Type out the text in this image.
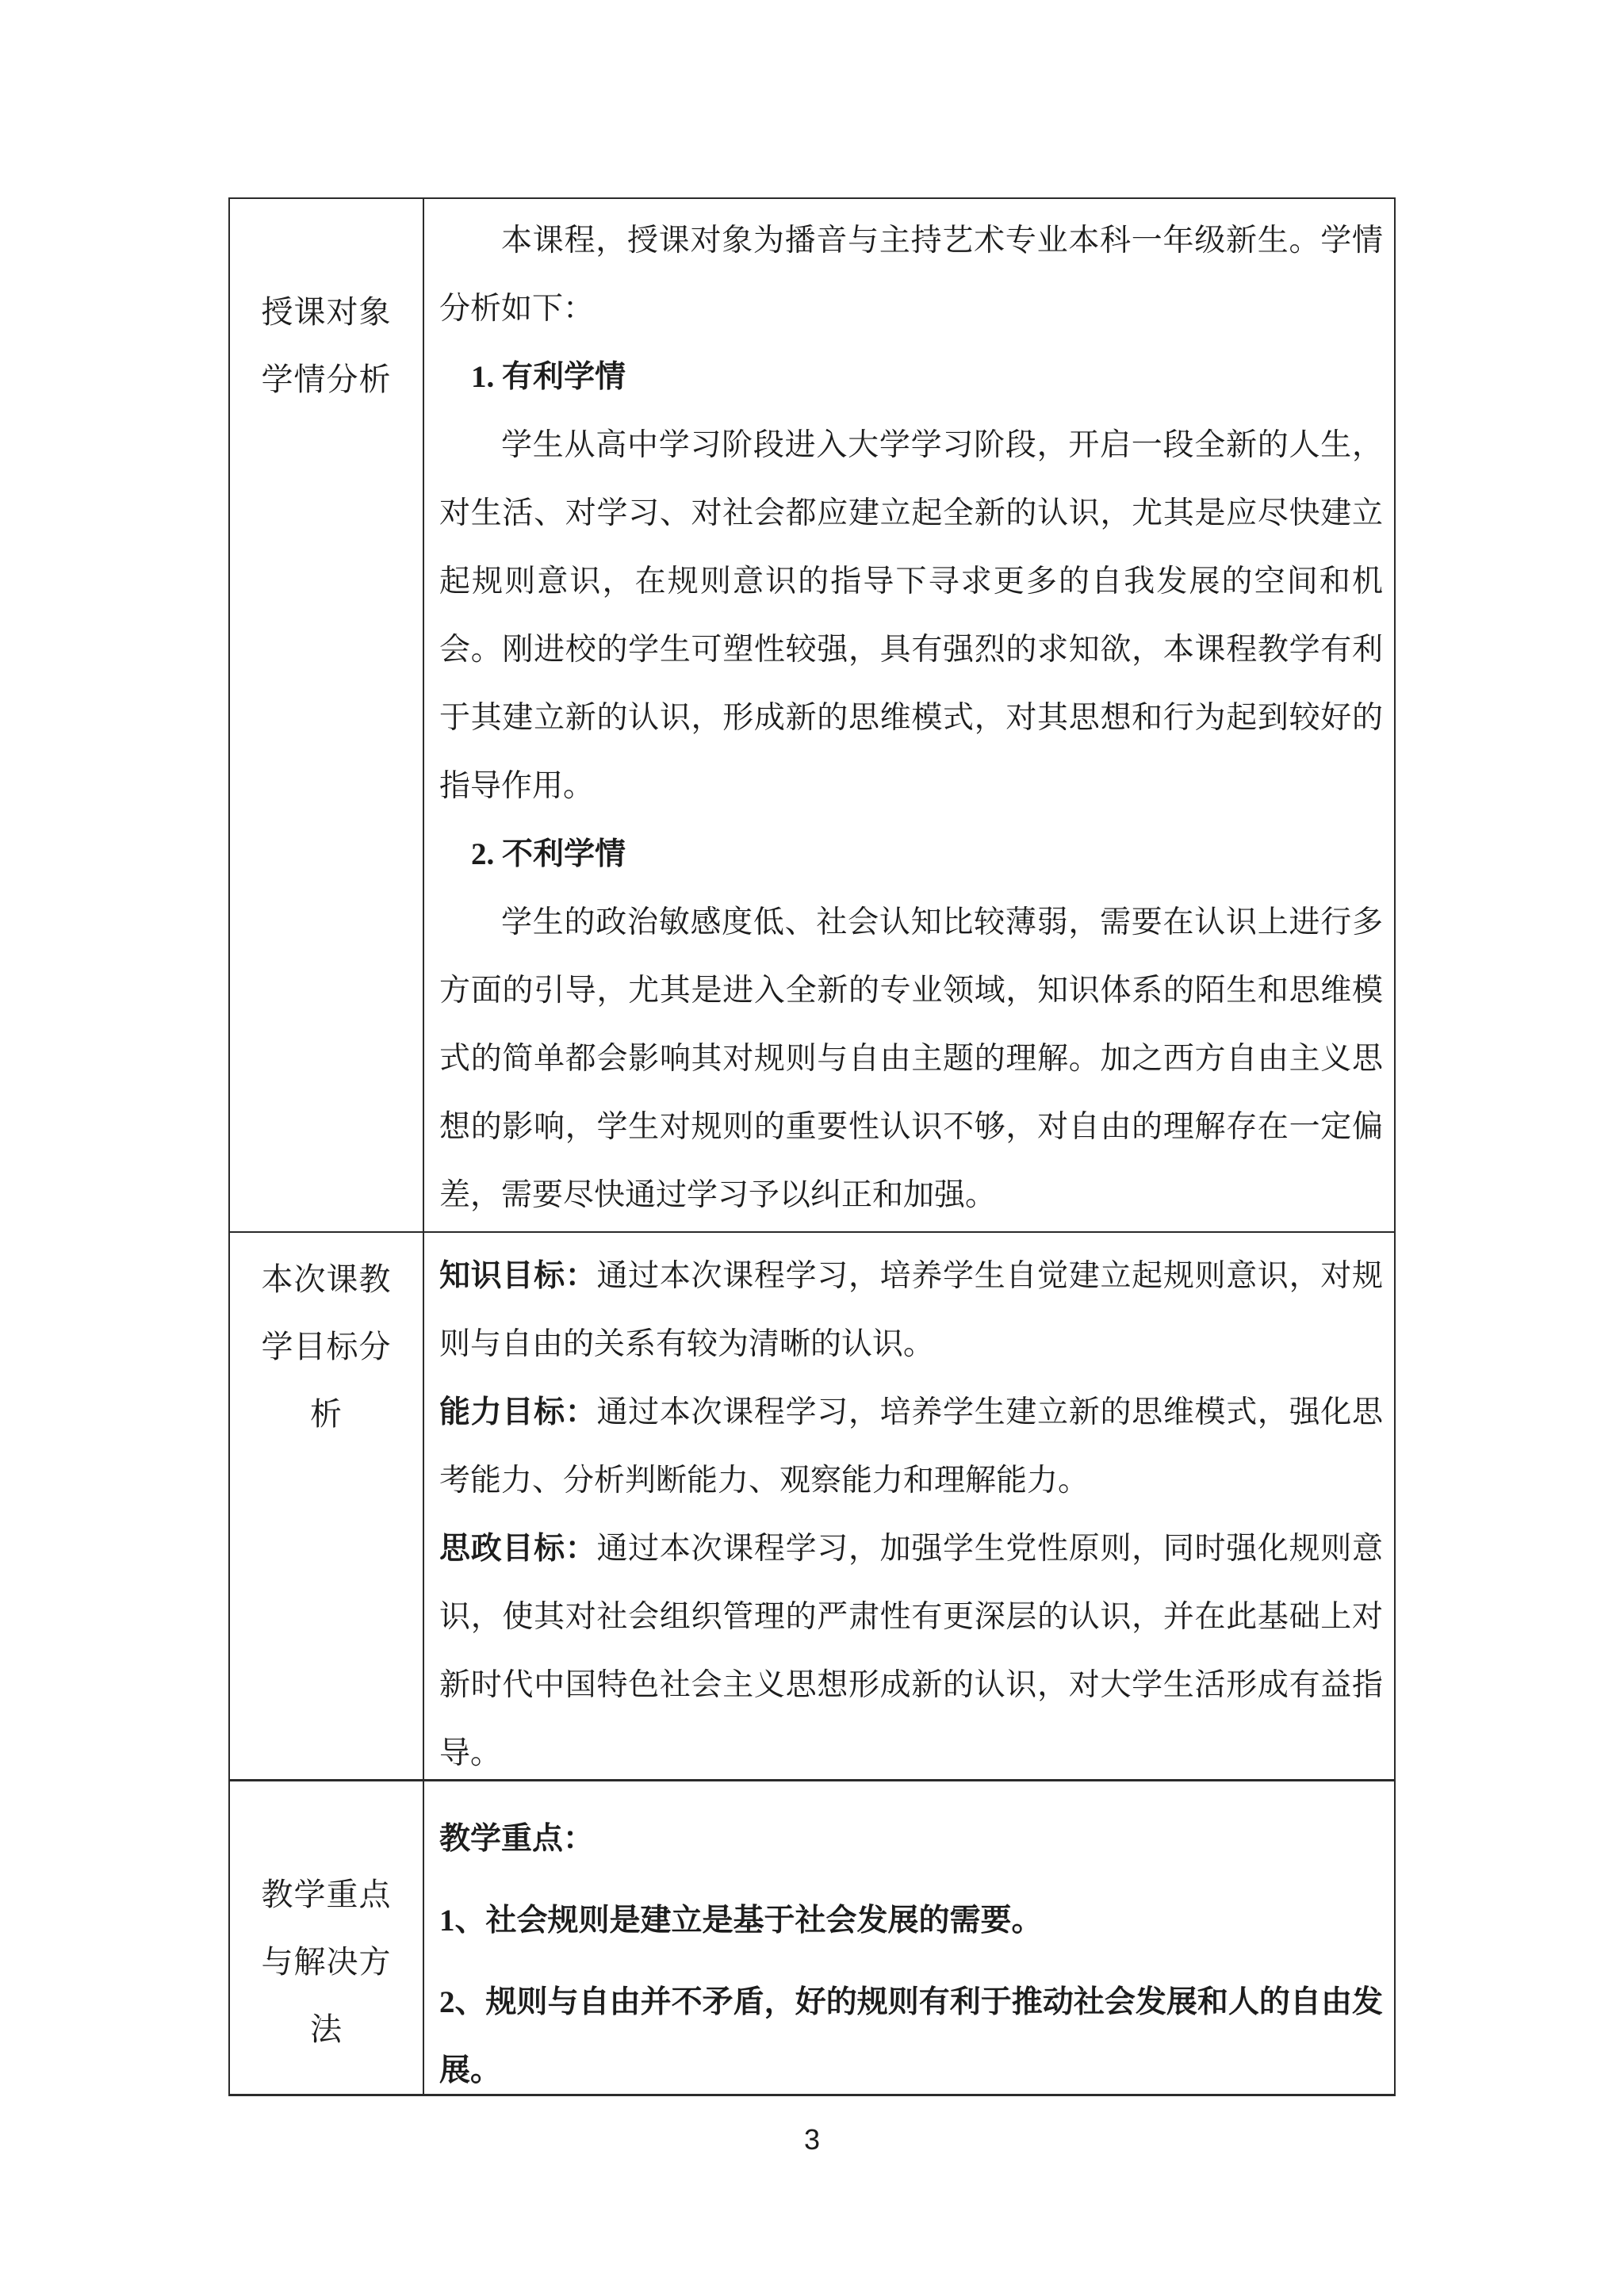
授课对象
学情分析

本课程，授课对象为播音与主持艺术专业本科一年级新生。学情分析如下：

1. 有利学情

学生从高中学习阶段进入大学学习阶段，开启一段全新的人生，对生活、对学习、对社会都应建立起全新的认识，尤其是应尽快建立起规则意识，在规则意识的指导下寻求更多的自我发展的空间和机会。刚进校的学生可塑性较强，具有强烈的求知欲，本课程教学有利于其建立新的认识，形成新的思维模式，对其思想和行为起到较好的指导作用。

2. 不利学情

学生的政治敏感度低、社会认知比较薄弱，需要在认识上进行多方面的引导，尤其是进入全新的专业领域，知识体系的陌生和思维模式的简单都会影响其对规则与自由主题的理解。加之西方自由主义思想的影响，学生对规则的重要性认识不够，对自由的理解存在一定偏差，需要尽快通过学习予以纠正和加强。

本次课教
学目标分
析

知识目标：通过本次课程学习，培养学生自觉建立起规则意识，对规则与自由的关系有较为清晰的认识。

能力目标：通过本次课程学习，培养学生建立新的思维模式，强化思考能力、分析判断能力、观察能力和理解能力。

思政目标：通过本次课程学习，加强学生党性原则，同时强化规则意识，使其对社会组织管理的严肃性有更深层的认识，并在此基础上对新时代中国特色社会主义思想形成新的认识，对大学生活形成有益指导。

教学重点
与解决方
法

教学重点：

1、社会规则是建立是基于社会发展的需要。

2、规则与自由并不矛盾，好的规则有利于推动社会发展和人的自由发展。

3
